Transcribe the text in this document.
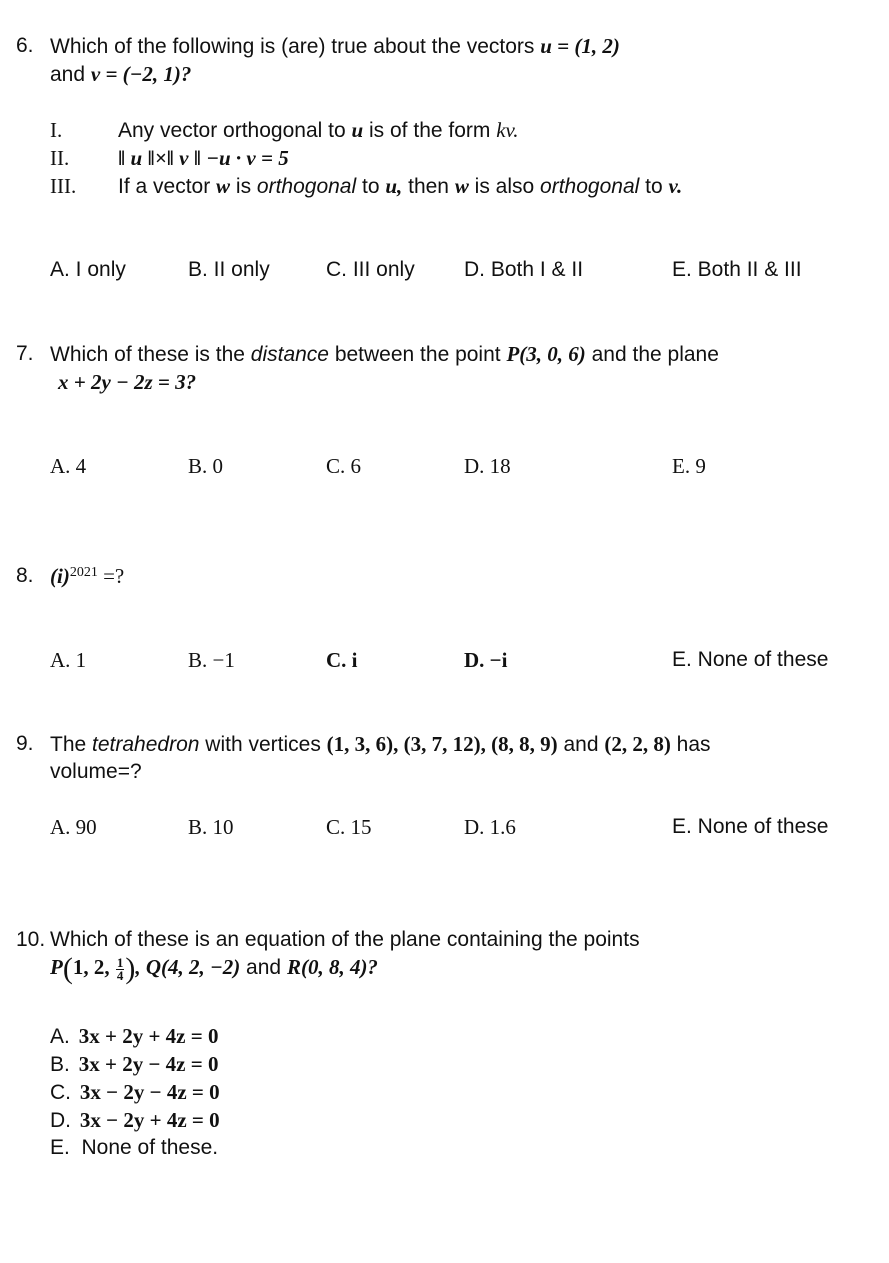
6. Which of the following is (are) true about the vectors u = (1, 2)
and v = (−2, 1)?
I.	Any vector orthogonal to u is of the form kv.
II. ‖ u ‖×‖ v ‖ −u · v = 5
III. If a vector w is orthogonal to u, then w is also orthogonal to v.
A. I only	B. II only	C. III only D. Both I & II	E. Both II & III
7. Which of these is the distance between the point P(3, 0, 6) and the plane
x + 2y − 2z = 3?
A. 4	B. 0	C. 6	D. 18	E. 9
8. $(i)^{2021}$ =?
A. 1	B. −1	C. i	D. −i	E. None of these
9. The tetrahedron with vertices (1, 3, 6), (3, 7, 12), (8, 8, 9) and (2, 2, 8) has
volume=?
A. 90	B. 10	C. 15	D. 1.6	E. None of these
10. Which of these is an equation of the plane containing the points
P(1, 2, $\frac{1}{4}$ ), Q(4, 2, −2) and R(0, 8, 4)?
A. 3x + 2y + 4z = 0
B. 3x + 2y − 4z = 0
C. 3x − 2y − 4z = 0
D. 3x − 2y + 4z = 0
E. None of these.
